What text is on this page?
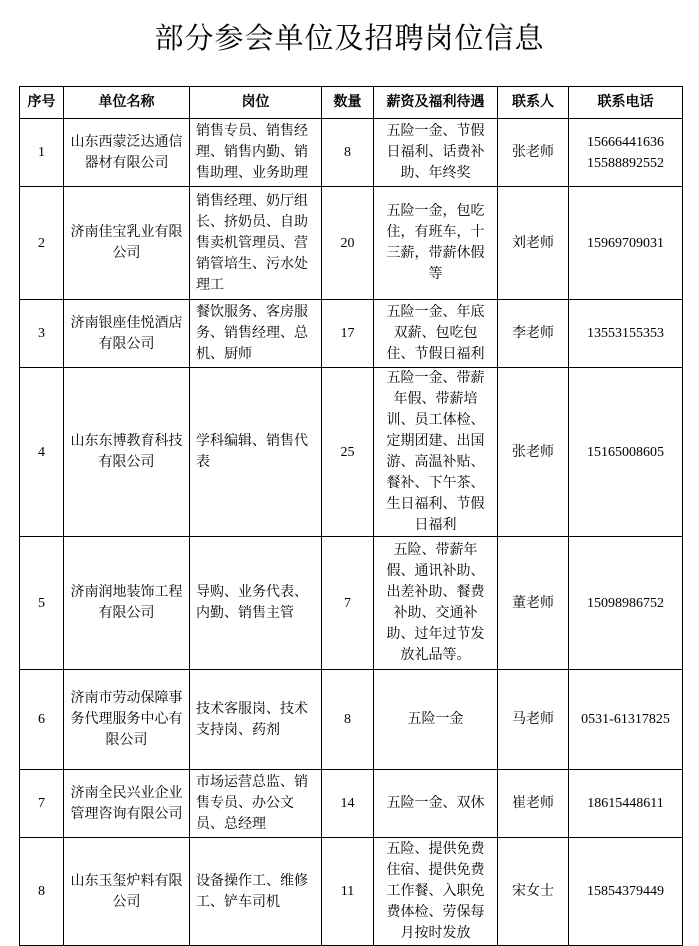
部分参会单位及招聘岗位信息
序号	单位名称	岗位	数量	薪资及福利待遇	联系人	联系电话
1	山东西蒙泛达通信器材有限公司	销售专员、销售经理、销售内勤、销售助理、业务助理	8	五险一金、节假日福利、话费补助、年终奖	张老师	15666441636
15588892552

2	济南佳宝乳业有限公司	销售经理、奶厅组长、挤奶员、自助售卖机管理员、营销管培生、污水处理工	20	五险一金，包吃住，有班车，十三薪，带薪休假等	刘老师	15969709031

3	济南银座佳悦酒店有限公司	餐饮服务、客房服务、销售经理、总机、厨师	17	五险一金、年底双薪、包吃包住、节假日福利	李老师	13553155353

4	山东东博教育科技有限公司	学科编辑、销售代表	25	五险一金、带薪年假、带薪培训、员工体检、定期团建、出国游、高温补贴、餐补、下午茶、生日福利、节假日福利	张老师	15165008605

5	济南润地装饰工程有限公司	导购、业务代表、内勤、销售主管	7	五险、带薪年假、通讯补助、出差补助、餐费补助、交通补助、过年过节发放礼品等。	董老师	15098986752

6	济南市劳动保障事务代理服务中心有限公司	技术客服岗、技术支持岗、药剂	8	五险一金	马老师	0531-61317825

7	济南全民兴业企业管理咨询有限公司	市场运营总监、销售专员、办公文员、总经理	14	五险一金、双休	崔老师	18615448611

8	山东玉玺炉料有限公司	设备操作工、维修工、铲车司机	11	五险、提供免费住宿、提供免费工作餐、入职免费体检、劳保每月按时发放	宋女士	15854379449
